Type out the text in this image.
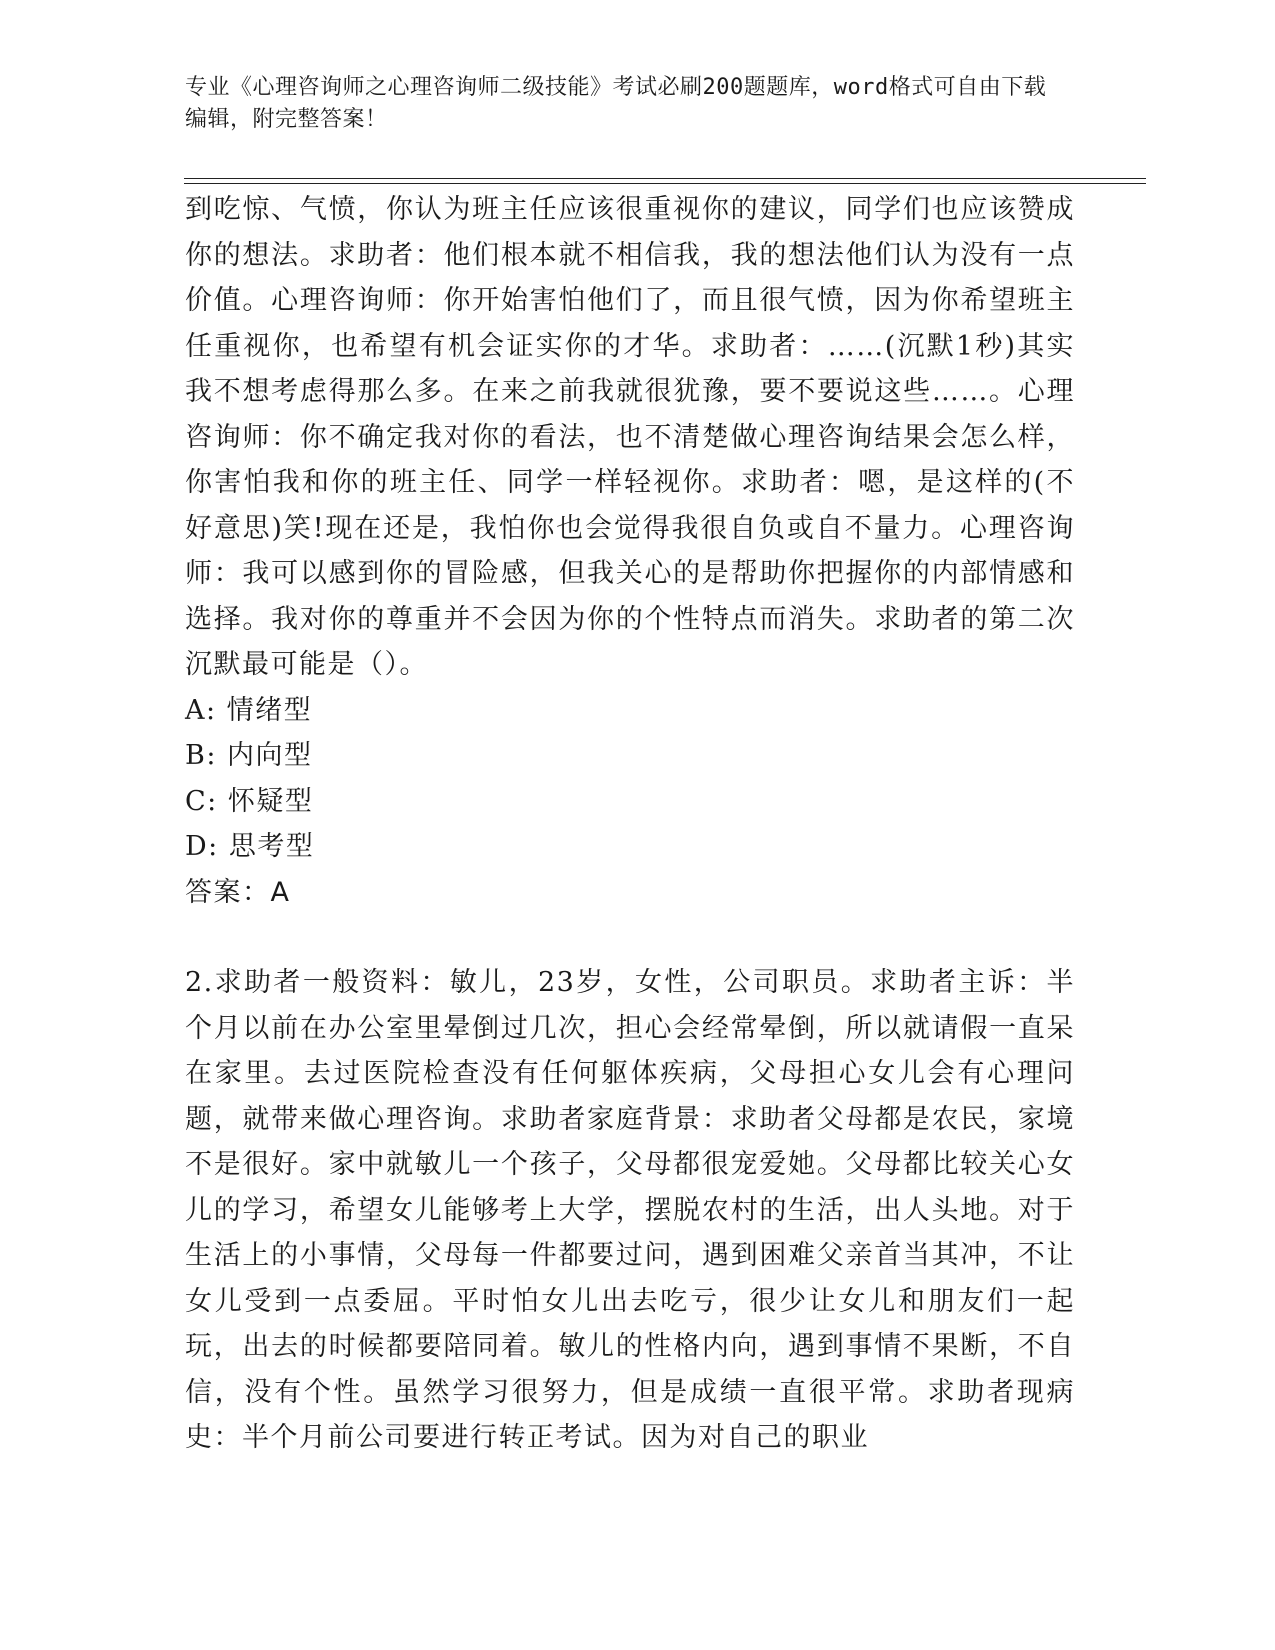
专业《心理咨询师之心理咨询师二级技能》考试必刷200题题库，word格式可自由下载编辑，附完整答案！

到吃惊、气愤，你认为班主任应该很重视你的建议，同学们也应该赞成你的想法。求助者：他们根本就不相信我，我的想法他们认为没有一点价值。心理咨询师：你开始害怕他们了，而且很气愤，因为你希望班主任重视你，也希望有机会证实你的才华。求助者：……(沉默1秒)其实我不想考虑得那么多。在来之前我就很犹豫，要不要说这些……。心理咨询师：你不确定我对你的看法，也不清楚做心理咨询结果会怎么样，你害怕我和你的班主任、同学一样轻视你。求助者：嗯，是这样的(不好意思)笑!现在还是，我怕你也会觉得我很自负或自不量力。心理咨询师：我可以感到你的冒险感，但我关心的是帮助你把握你的内部情感和选择。我对你的尊重并不会因为你的个性特点而消失。求助者的第二次沉默最可能是（）。

A: 情绪型

B: 内向型

C: 怀疑型

D: 思考型

答案：A

2.求助者一般资料：敏儿，23岁，女性，公司职员。求助者主诉：半个月以前在办公室里晕倒过几次，担心会经常晕倒，所以就请假一直呆在家里。去过医院检查没有任何躯体疾病，父母担心女儿会有心理问题，就带来做心理咨询。求助者家庭背景：求助者父母都是农民，家境不是很好。家中就敏儿一个孩子，父母都很宠爱她。父母都比较关心女儿的学习，希望女儿能够考上大学，摆脱农村的生活，出人头地。对于生活上的小事情，父母每一件都要过问，遇到困难父亲首当其冲，不让女儿受到一点委屈。平时怕女儿出去吃亏，很少让女儿和朋友们一起玩，出去的时候都要陪同着。敏儿的性格内向，遇到事情不果断，不自信，没有个性。虽然学习很努力，但是成绩一直很平常。求助者现病史：半个月前公司要进行转正考试。因为对自己的职业
